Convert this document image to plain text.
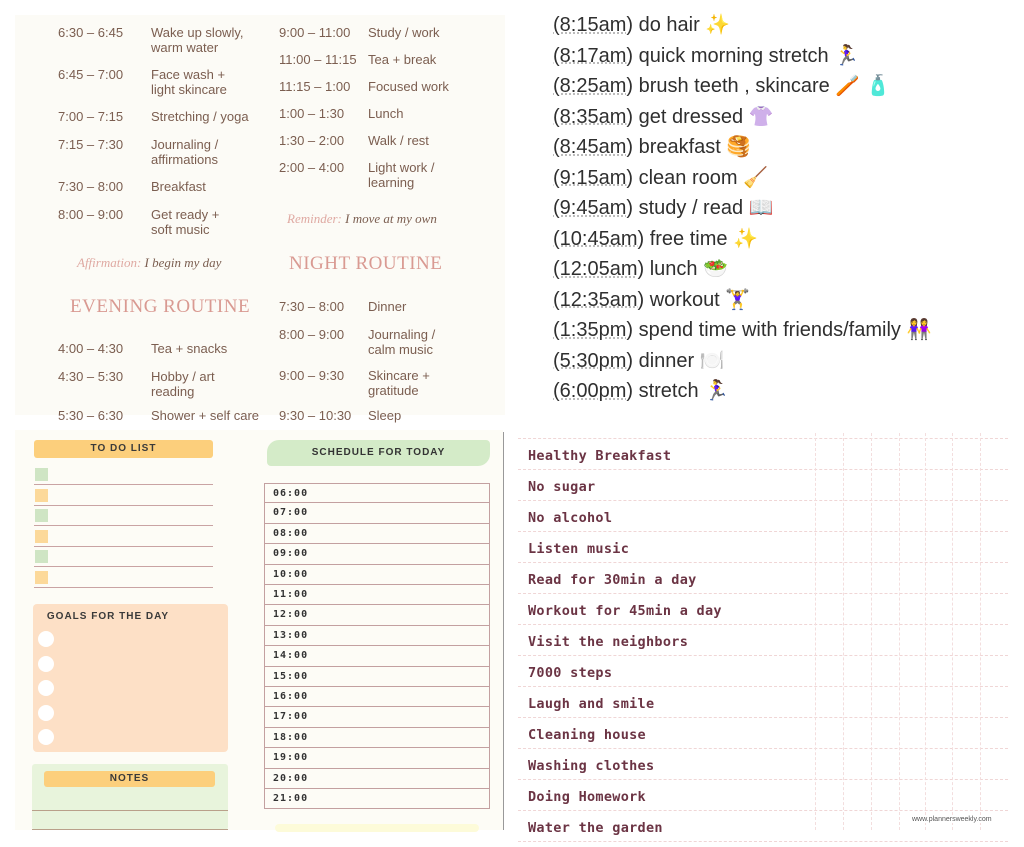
6:30 – 6:45 Wake up slowly,
warm water
6:45 – 7:00 Face wash +
light skincare
7:00 – 7:15 Stretching / yoga
7:15 – 7:30 Journaling /
affirmations
7:30 – 8:00 Breakfast
8:00 – 9:00 Get ready +
soft music
4:00 – 4:30 Tea + snacks
4:30 – 5:30 Hobby / art
reading
5:30 – 6:30 Shower + self care
9:00 – 11:00 Study / work
11:00 – 11:15 Tea + break
11:15 – 1:00 Focused work
1:00 – 1:30 Lunch
1:30 – 2:00 Walk / rest
2:00 – 4:00 Light work /
learning
7:30 – 8:00 Dinner
8:00 – 9:00 Journaling /
calm music
9:00 – 9:30 Skincare +
gratitude
9:30 – 10:30 Sleep
Affirmation: I begin my day
EVENING ROUTINE
Reminder: I move at my own
NIGHT ROUTINE
(8:15am) do hair ✨
(8:17am) quick morning stretch 🏃‍♀️
(8:25am) brush teeth , skincare 🪥 🧴
(8:35am) get dressed 👚
(8:45am) breakfast 🥞
(9:15am) clean room 🧹
(9:45am) study / read 📖
(10:45am) free time ✨
(12:05am) lunch 🥗
(12:35am) workout 🏋️‍♀️
(1:35pm) spend time with friends/family 👭
(5:30pm) dinner 🍽️
(6:00pm) stretch 🏃‍♀️
TO DO LIST
GOALS FOR THE DAY
NOTES
SCHEDULE FOR TODAY	Healthy Breakfast
No sugar
No alcohol
Listen music
Read for 30min a day
Workout for 45min a day
Visit the neighbors
7000 steps
Laugh and smile
Cleaning house
Washing clothes
Doing Homework
Water the garden
www.plannersweekly.com
06:00
07:00
08:00
09:00
10:00
11:00
12:00
13:00
14:00
15:00
16:00
17:00
18:00
19:00
20:00
21:00
